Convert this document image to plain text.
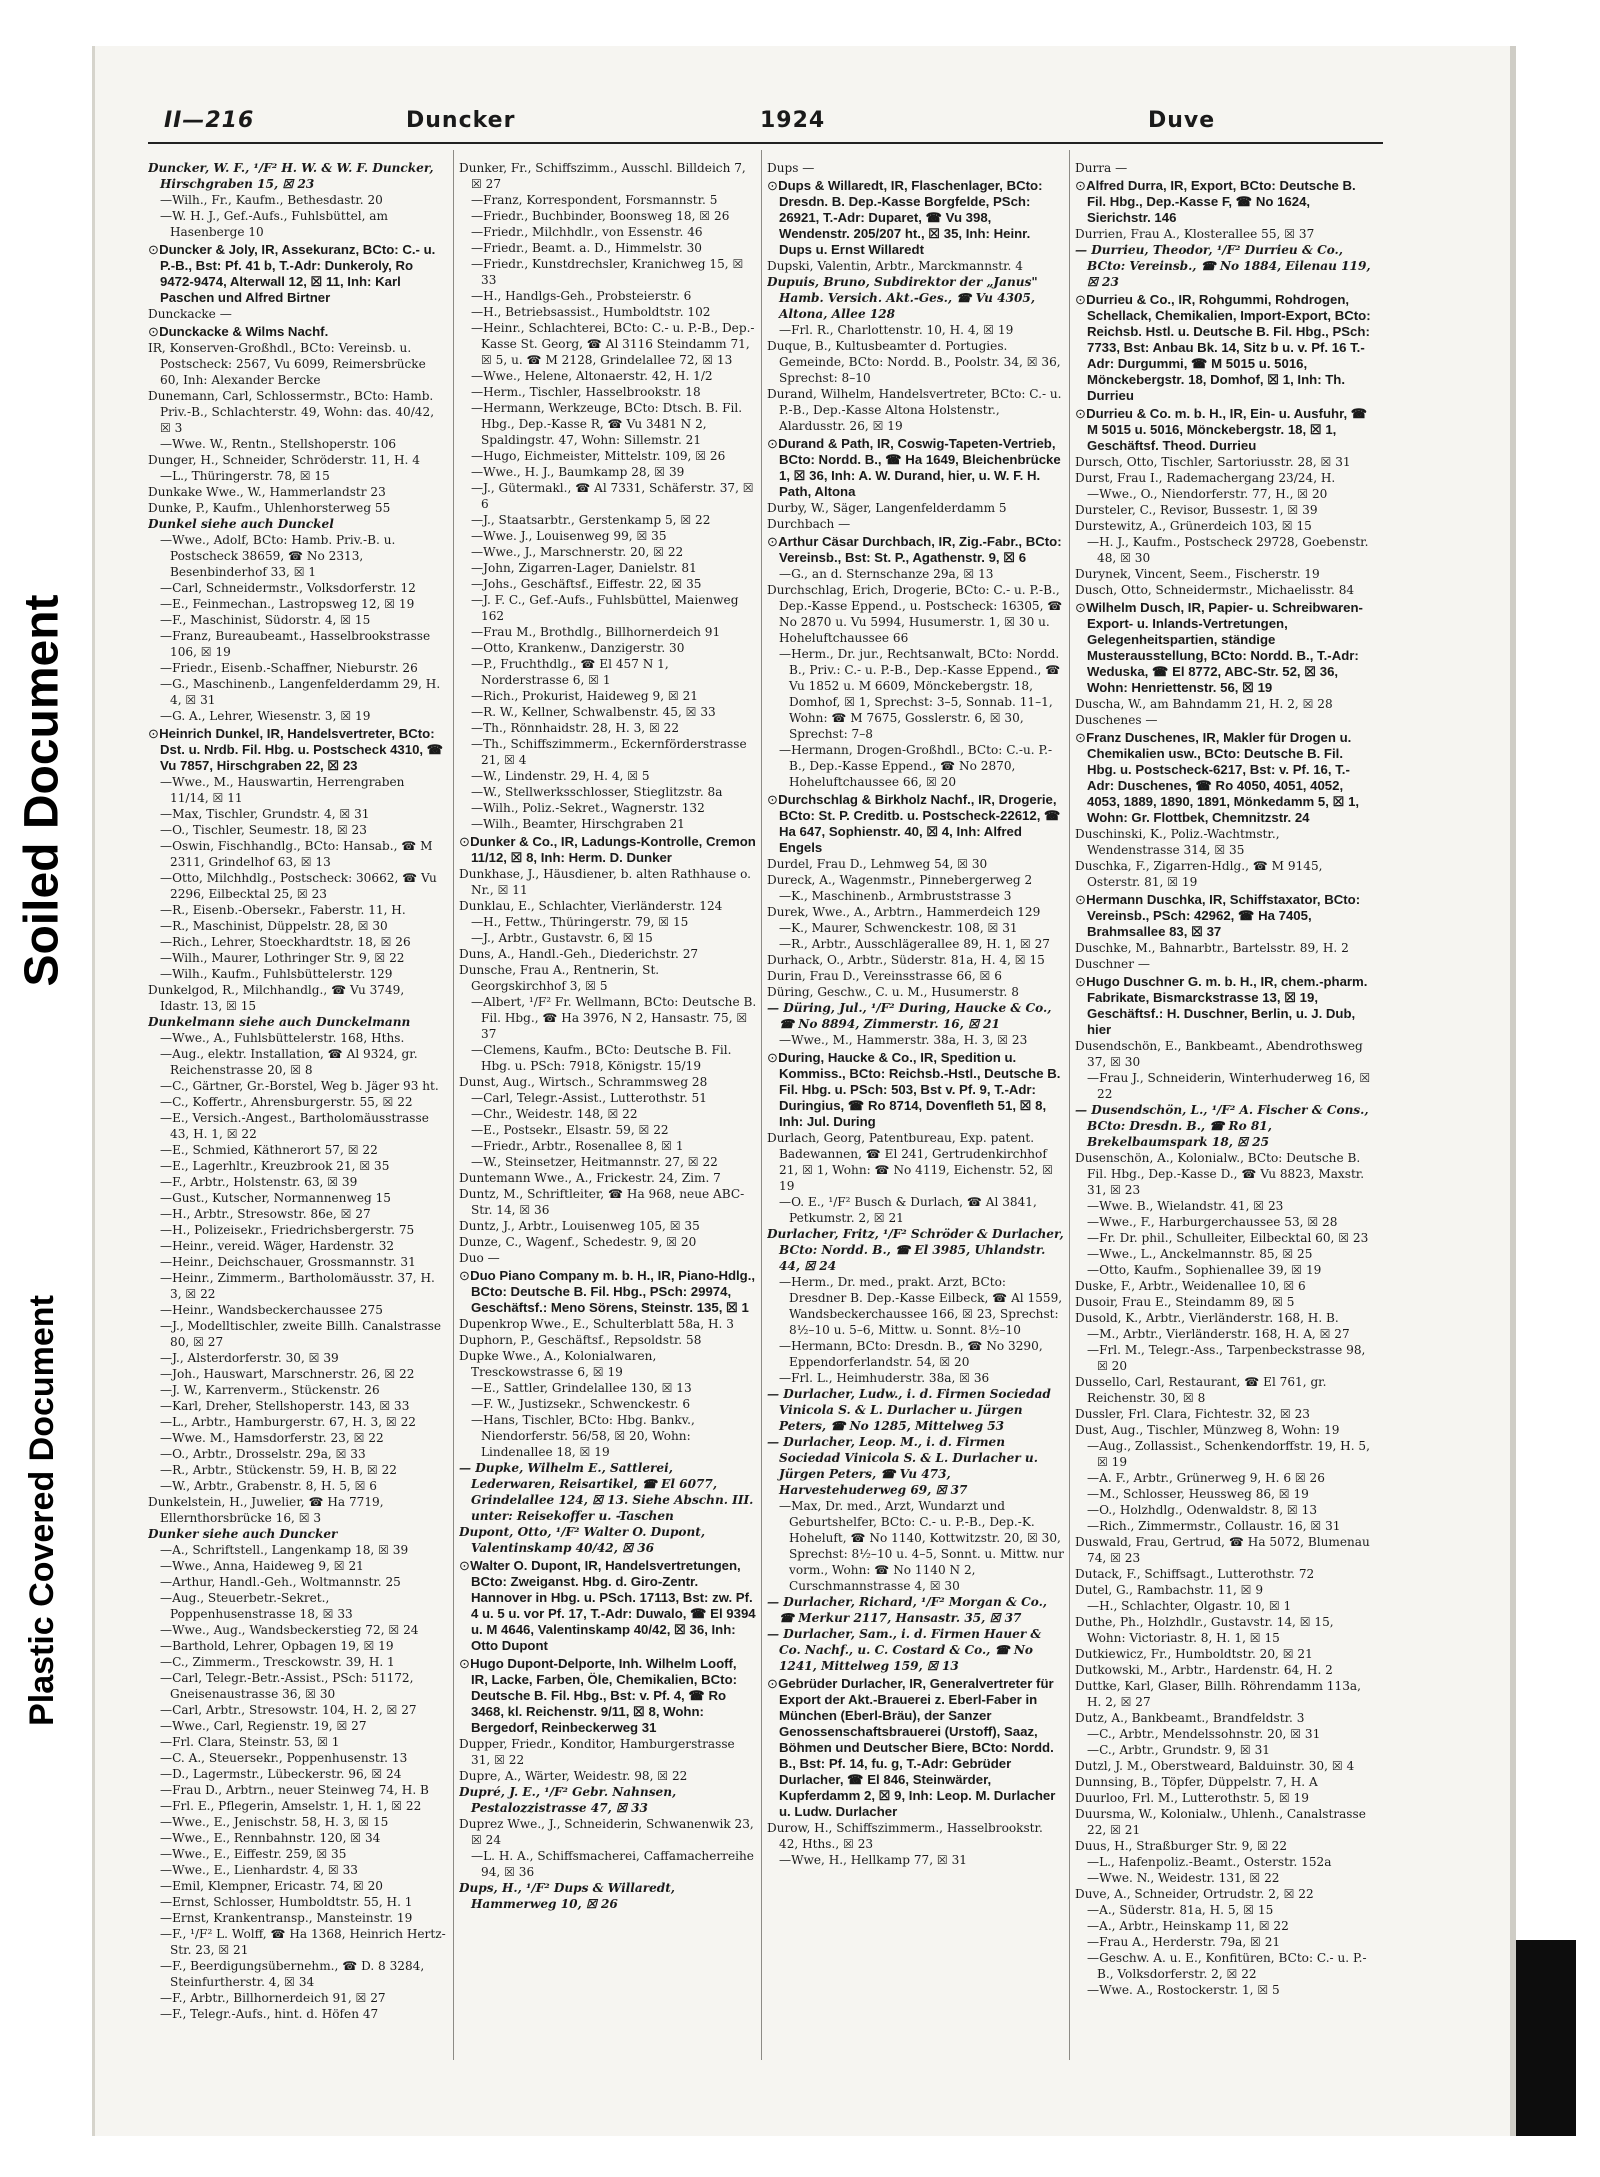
Soiled Document
Plastic Covered Document
II—216	Duncker	1924	Duve

Duncker, W. F., ¹/F² H. W. & W. F. Duncker, Hirschgraben 15, ☒ 23

— Wilh., Fr., Kaufm., Bethesdastr. 20

— W. H. J., Gef.-Aufs., Fuhlsbüttel, am Hasenberge 10

⊙ Duncker & Joly, IR, Assekuranz, BCto: C.- u. P.-B., Bst: Pf. 41 b, T.-Adr: Dunkeroly, Ro 9472-9474, Alterwall 12, ☒ 11, Inh: Karl Paschen und Alfred Birtner

Dunckacke —

⊙ Dunckacke & Wilms Nachf.

IR, Konserven-Großhdl., BCto: Vereinsb. u. Postscheck: 2567, Vu 6099, Reimersbrücke 60, Inh: Alexander Bercke

Dunemann, Carl, Schlossermstr., BCto: Hamb. Priv.-B., Schlachterstr. 49, Wohn: das. 40/42, ☒ 3

— Wwe. W., Rentn., Stellshoperstr. 106

Dunger, H., Schneider, Schröderstr. 11, H. 4

— L., Thüringerstr. 78, ☒ 15

Dunkake Wwe., W., Hammerlandstr 23

Dunke, P., Kaufm., Uhlenhorsterweg 55

Dunkel siehe auch Dunckel

— Wwe., Adolf, BCto: Hamb. Priv.-B. u. Postscheck 38659, ☎ No 2313, Besenbinderhof 33, ☒ 1

— Carl, Schneidermstr., Volksdorferstr. 12

— E., Feinmechan., Lastropsweg 12, ☒ 19

— F., Maschinist, Südorstr. 4, ☒ 15

— Franz, Bureaubeamt., Hasselbrookstrasse 106, ☒ 19

— Friedr., Eisenb.-Schaffner, Nieburstr. 26

— G., Maschinenb., Langenfelderdamm 29, H. 4, ☒ 31

— G. A., Lehrer, Wiesenstr. 3, ☒ 19

⊙ Heinrich Dunkel, IR, Handelsvertreter, BCto: Dst. u. Nrdb. Fil. Hbg. u. Postscheck 4310, ☎ Vu 7857, Hirschgraben 22, ☒ 23

— Wwe., M., Hauswartin, Herrengraben 11/14, ☒ 11

— Max, Tischler, Grundstr. 4, ☒ 31

— O., Tischler, Seumestr. 18, ☒ 23

— Oswin, Fischhandlg., BCto: Hansab., ☎ M 2311, Grindelhof 63, ☒ 13

— Otto, Milchhdlg., Postscheck: 30662, ☎ Vu 2296, Eilbecktal 25, ☒ 23

— R., Eisenb.-Obersekr., Faberstr. 11, H.

— R., Maschinist, Düppelstr. 28, ☒ 30

— Rich., Lehrer, Stoeckhardtstr. 18, ☒ 26

— Wilh., Maurer, Lothringer Str. 9, ☒ 22

— Wilh., Kaufm., Fuhlsbüttelerstr. 129

Dunkelgod, R., Milchhandlg., ☎ Vu 3749, Idastr. 13, ☒ 15

Dunkelmann siehe auch Dunckelmann

— Wwe., A., Fuhlsbüttelerstr. 168, Hths.

— Aug., elektr. Installation, ☎ Al 9324, gr. Reichenstrasse 20, ☒ 8

— C., Gärtner, Gr.-Borstel, Weg b. Jäger 93 ht.

— C., Koffertr., Ahrensburgerstr. 55, ☒ 22

— E., Versich.-Angest., Bartholomäusstrasse 43, H. 1, ☒ 22

— E., Schmied, Käthnerort 57, ☒ 22

— E., Lagerhltr., Kreuzbrook 21, ☒ 35

— F., Arbtr., Holstenstr. 63, ☒ 39

— Gust., Kutscher, Normannenweg 15

— H., Arbtr., Stresowstr. 86e, ☒ 27

— H., Polizeisekr., Friedrichsbergerstr. 75

— Heinr., vereid. Wäger, Hardenstr. 32

— Heinr., Deichschauer, Grossmannstr. 31

— Heinr., Zimmerm., Bartholomäusstr. 37, H. 3, ☒ 22

— Heinr., Wandsbeckerchaussee 275

— J., Modelltischler, zweite Billh. Canalstrasse 80, ☒ 27

— J., Alsterdorferstr. 30, ☒ 39

— Joh., Hauswart, Marschnerstr. 26, ☒ 22

— J. W., Karrenverm., Stückenstr. 26

— Karl, Dreher, Stellshoperstr. 143, ☒ 33

— L., Arbtr., Hamburgerstr. 67, H. 3, ☒ 22

— Wwe. M., Hamsdorferstr. 23, ☒ 22

— O., Arbtr., Drosselstr. 29a, ☒ 33

— R., Arbtr., Stückenstr. 59, H. B, ☒ 22

— W., Arbtr., Grabenstr. 8, H. 5, ☒ 6

Dunkelstein, H., Juwelier, ☎ Ha 7719, Ellernthorsbrücke 16, ☒ 3

Dunker siehe auch Duncker

— A., Schriftstell., Langenkamp 18, ☒ 39

— Wwe., Anna, Haideweg 9, ☒ 21

— Arthur, Handl.-Geh., Woltmannstr. 25

— Aug., Steuerbetr.-Sekret., Poppenhusenstrasse 18, ☒ 33

— Wwe., Aug., Wandsbeckerstieg 72, ☒ 24

— Barthold, Lehrer, Opbagen 19, ☒ 19

— C., Zimmerm., Tresckowstr. 39, H. 1

— Carl, Telegr.-Betr.-Assist., PSch: 51172, Gneisenaustrasse 36, ☒ 30

— Carl, Arbtr., Stresowstr. 104, H. 2, ☒ 27

— Wwe., Carl, Regienstr. 19, ☒ 27

— Frl. Clara, Steinstr. 53, ☒ 1

— C. A., Steuersekr., Poppenhusenstr. 13

— D., Lagermstr., Lübeckerstr. 96, ☒ 24

— Frau D., Arbtrn., neuer Steinweg 74, H. B

— Frl. E., Pflegerin, Amselstr. 1, H. 1, ☒ 22

— Wwe., E., Jenischstr. 58, H. 3, ☒ 15

— Wwe., E., Rennbahnstr. 120, ☒ 34

— Wwe., E., Eiffestr. 259, ☒ 35

— Wwe., E., Lienhardstr. 4, ☒ 33

— Emil, Klempner, Ericastr. 74, ☒ 20

— Ernst, Schlosser, Humboldtstr. 55, H. 1

— Ernst, Krankentransp., Mansteinstr. 19

— F., ¹/F² L. Wolff, ☎ Ha 1368, Heinrich Hertz-Str. 23, ☒ 21

— F., Beerdigungsübernehm., ☎ D. 8 3284, Steinfurtherstr. 4, ☒ 34

— F., Arbtr., Billhornerdeich 91, ☒ 27

— F., Telegr.-Aufs., hint. d. Höfen 47

Dunker, Fr., Schiffszimm., Ausschl. Billdeich 7, ☒ 27

— Franz, Korrespondent, Forsmannstr. 5

— Friedr., Buchbinder, Boonsweg 18, ☒ 26

— Friedr., Milchhdlr., von Essenstr. 46

— Friedr., Beamt. a. D., Himmelstr. 30

— Friedr., Kunstdrechsler, Kranichweg 15, ☒ 33

— H., Handlgs-Geh., Probsteierstr. 6

— H., Betriebsassist., Humboldtstr. 102

— Heinr., Schlachterei, BCto: C.- u. P.-B., Dep.-Kasse St. Georg, ☎ Al 3116 Steindamm 71, ☒ 5, u. ☎ M 2128, Grindelallee 72, ☒ 13

— Wwe., Helene, Altonaerstr. 42, H. 1/2

— Herm., Tischler, Hasselbrookstr. 18

— Hermann, Werkzeuge, BCto: Dtsch. B. Fil. Hbg., Dep.-Kasse R, ☎ Vu 3481 N 2, Spaldingstr. 47, Wohn: Sillemstr. 21

— Hugo, Eichmeister, Mittelstr. 109, ☒ 26

— Wwe., H. J., Baumkamp 28, ☒ 39

— J., Gütermakl., ☎ Al 7331, Schäferstr. 37, ☒ 6

— J., Staatsarbtr., Gerstenkamp 5, ☒ 22

— Wwe. J., Louisenweg 99, ☒ 35

— Wwe., J., Marschnerstr. 20, ☒ 22

— John, Zigarren-Lager, Danielstr. 81

— Johs., Geschäftsf., Eiffestr. 22, ☒ 35

— J. F. C., Gef.-Aufs., Fuhlsbüttel, Maienweg 162

— Frau M., Brothdlg., Billhornerdeich 91

— Otto, Krankenw., Danzigerstr. 30

— P., Fruchthdlg., ☎ El 457 N 1, Norderstrasse 6, ☒ 1

— Rich., Prokurist, Haideweg 9, ☒ 21

— R. W., Kellner, Schwalbenstr. 45, ☒ 33

— Th., Rönnhaidstr. 28, H. 3, ☒ 22

— Th., Schiffszimmerm., Eckernförderstrasse 21, ☒ 4

— W., Lindenstr. 29, H. 4, ☒ 5

— W., Stellwerksschlosser, Stieglitzstr. 8a

— Wilh., Poliz.-Sekret., Wagnerstr. 132

— Wilh., Beamter, Hirschgraben 21

⊙ Dunker & Co., IR, Ladungs-Kontrolle, Cremon 11/12, ☒ 8, Inh: Herm. D. Dunker

Dunkhase, J., Häusdiener, b. alten Rathhause o. Nr., ☒ 11

Dunklau, E., Schlachter, Vierländerstr. 124

— H., Fettw., Thüringerstr. 79, ☒ 15

— J., Arbtr., Gustavstr. 6, ☒ 15

Duns, A., Handl.-Geh., Diederichstr. 27

Dunsche, Frau A., Rentnerin, St. Georgskirchhof 3, ☒ 5

— Albert, ¹/F² Fr. Wellmann, BCto: Deutsche B. Fil. Hbg., ☎ Ha 3976, N 2, Hansastr. 75, ☒ 37

— Clemens, Kaufm., BCto: Deutsche B. Fil. Hbg. u. PSch: 7918, Königstr. 15/19

Dunst, Aug., Wirtsch., Schrammsweg 28

— Carl, Telegr.-Assist., Lutterothstr. 51

— Chr., Weidestr. 148, ☒ 22

— E., Postsekr., Elsastr. 59, ☒ 22

— Friedr., Arbtr., Rosenallee 8, ☒ 1

— W., Steinsetzer, Heitmannstr. 27, ☒ 22

Duntemann Wwe., A., Frickestr. 24, Zim. 7

Duntz, M., Schriftleiter, ☎ Ha 968, neue ABC-Str. 14, ☒ 36

Duntz, J., Arbtr., Louisenweg 105, ☒ 35

Dunze, C., Wagenf., Schedestr. 9, ☒ 20

Duo —

⊙ Duo Piano Company m. b. H., IR, Piano-Hdlg., BCto: Deutsche B. Fil. Hbg., PSch: 29974, Geschäftsf.: Meno Sörens, Steinstr. 135, ☒ 1

Dupenkrop Wwe., E., Schulterblatt 58a, H. 3

Duphorn, P., Geschäftsf., Repsoldstr. 58

Dupke Wwe., A., Kolonialwaren, Tresckowstrasse 6, ☒ 19

— E., Sattler, Grindelallee 130, ☒ 13

— F. W., Justizsekr., Schwenckestr. 6

— Hans, Tischler, BCto: Hbg. Bankv., Niendorferstr. 56/58, ☒ 20, Wohn: Lindenallee 18, ☒ 19

— Dupke, Wilhelm E., Sattlerei, Lederwaren, Reisartikel, ☎ El 6077, Grindelallee 124, ☒ 13. Siehe Abschn. III. unter: Reisekoffer u. -Taschen

Dupont, Otto, ¹/F² Walter O. Dupont, Valentinskamp 40/42, ☒ 36

⊙ Walter O. Dupont, IR, Handelsvertretungen, BCto: Zweiganst. Hbg. d. Giro-Zentr. Hannover in Hbg. u. PSch. 17113, Bst: zw. Pf. 4 u. 5 u. vor Pf. 17, T.-Adr: Duwalo, ☎ El 9394 u. M 4646, Valentinskamp 40/42, ☒ 36, Inh: Otto Dupont

⊙ Hugo Dupont-Delporte, Inh. Wilhelm Looff, IR, Lacke, Farben, Öle, Chemikalien, BCto: Deutsche B. Fil. Hbg., Bst: v. Pf. 4, ☎ Ro 3468, kl. Reichenstr. 9/11, ☒ 8, Wohn: Bergedorf, Reinbeckerweg 31

Dupper, Friedr., Konditor, Hamburgerstrasse 31, ☒ 22

Dupre, A., Wärter, Weidestr. 98, ☒ 22

Dupré, J. E., ¹/F² Gebr. Nahnsen, Pestalozzistrasse 47, ☒ 33

Duprez Wwe., J., Schneiderin, Schwanenwik 23, ☒ 24

— L. H. A., Schiffsmacherei, Caffamacherreihe 94, ☒ 36

Dups, H., ¹/F² Dups & Willaredt, Hammerweg 10, ☒ 26

Dups —

⊙ Dups & Willaredt, IR, Flaschenlager, BCto: Dresdn. B. Dep.-Kasse Borgfelde, PSch: 26921, T.-Adr: Duparet, ☎ Vu 398, Wendenstr. 205/207 ht., ☒ 35, Inh: Heinr. Dups u. Ernst Willaredt

Dupski, Valentin, Arbtr., Marckmannstr. 4

Dupuis, Bruno, Subdirektor der „Janus" Hamb. Versich. Akt.-Ges., ☎ Vu 4305, Altona, Allee 128

— Frl. R., Charlottenstr. 10, H. 4, ☒ 19

Duque, B., Kultusbeamter d. Portugies. Gemeinde, BCto: Nordd. B., Poolstr. 34, ☒ 36, Sprechst: 8–10

Durand, Wilhelm, Handelsvertreter, BCto: C.- u. P.-B., Dep.-Kasse Altona Holstenstr., Alardusstr. 26, ☒ 19

⊙ Durand & Path, IR, Coswig-Tapeten-Vertrieb, BCto: Nordd. B., ☎ Ha 1649, Bleichenbrücke 1, ☒ 36, Inh: A. W. Durand, hier, u. W. F. H. Path, Altona

Durby, W., Säger, Langenfelderdamm 5

Durchbach —

⊙ Arthur Cäsar Durchbach, IR, Zig.-Fabr., BCto: Vereinsb., Bst: St. P., Agathenstr. 9, ☒ 6

— G., an d. Sternschanze 29a, ☒ 13

Durchschlag, Erich, Drogerie, BCto: C.- u. P.-B., Dep.-Kasse Eppend., u. Postscheck: 16305, ☎ No 2870 u. Vu 5994, Husumerstr. 1, ☒ 30 u. Hoheluftchaussee 66

— Herm., Dr. jur., Rechtsanwalt, BCto: Nordd. B., Priv.: C.- u. P.-B., Dep.-Kasse Eppend., ☎ Vu 1852 u. M 6609, Mönckebergstr. 18, Domhof, ☒ 1, Sprechst: 3–5, Sonnab. 11–1, Wohn: ☎ M 7675, Gosslerstr. 6, ☒ 30, Sprechst: 7–8

— Hermann, Drogen-Großhdl., BCto: C.-u. P.-B., Dep.-Kasse Eppend., ☎ No 2870, Hoheluftchaussee 66, ☒ 20

⊙ Durchschlag & Birkholz Nachf., IR, Drogerie, BCto: St. P. Creditb. u. Postscheck-22612, ☎ Ha 647, Sophienstr. 40, ☒ 4, Inh: Alfred Engels

Durdel, Frau D., Lehmweg 54, ☒ 30

Dureck, A., Wagenmstr., Pinnebergerweg 2

— K., Maschinenb., Armbruststrasse 3

Durek, Wwe., A., Arbtrn., Hammerdeich 129

— K., Maurer, Schwenckestr. 108, ☒ 31

— R., Arbtr., Ausschlägerallee 89, H. 1, ☒ 27

Durhack, O., Arbtr., Süderstr. 81a, H. 4, ☒ 15

Durin, Frau D., Vereinsstrasse 66, ☒ 6

Düring, Geschw., C. u. M., Husumerstr. 8

— Düring, Jul., ¹/F² During, Haucke & Co., ☎ No 8894, Zimmerstr. 16, ☒ 21

— Wwe., M., Hammerstr. 38a, H. 3, ☒ 23

⊙ During, Haucke & Co., IR, Spedition u. Kommiss., BCto: Reichsb.-Hstl., Deutsche B. Fil. Hbg. u. PSch: 503, Bst v. Pf. 9, T.-Adr: Duringius, ☎ Ro 8714, Dovenfleth 51, ☒ 8, Inh: Jul. During

Durlach, Georg, Patentbureau, Exp. patent. Badewannen, ☎ El 241, Gertrudenkirchhof 21, ☒ 1, Wohn: ☎ No 4119, Eichenstr. 52, ☒ 19

— O. E., ¹/F² Busch & Durlach, ☎ Al 3841, Petkumstr. 2, ☒ 21

Durlacher, Fritz, ¹/F² Schröder & Durlacher, BCto: Nordd. B., ☎ El 3985, Uhlandstr. 44, ☒ 24

— Herm., Dr. med., prakt. Arzt, BCto: Dresdner B. Dep.-Kasse Eilbeck, ☎ Al 1559, Wandsbeckerchaussee 166, ☒ 23, Sprechst: 8½–10 u. 5–6, Mittw. u. Sonnt. 8½–10

— Hermann, BCto: Dresdn. B., ☎ No 3290, Eppendorferlandstr. 54, ☒ 20

— Frl. L., Heimhuderstr. 38a, ☒ 36

— Durlacher, Ludw., i. d. Firmen Sociedad Vinicola S. & L. Durlacher u. Jürgen Peters, ☎ No 1285, Mittelweg 53

— Durlacher, Leop. M., i. d. Firmen Sociedad Vinicola S. & L. Durlacher u. Jürgen Peters, ☎ Vu 473, Harvestehuderweg 69, ☒ 37

— Max, Dr. med., Arzt, Wundarzt und Geburtshelfer, BCto: C.- u. P.-B., Dep.-K. Hoheluft, ☎ No 1140, Kottwitzstr. 20, ☒ 30, Sprechst: 8½–10 u. 4–5, Sonnt. u. Mittw. nur vorm., Wohn: ☎ No 1140 N 2, Curschmannstrasse 4, ☒ 30

— Durlacher, Richard, ¹/F² Morgan & Co., ☎ Merkur 2117, Hansastr. 35, ☒ 37

— Durlacher, Sam., i. d. Firmen Hauer & Co. Nachf., u. C. Costard & Co., ☎ No 1241, Mittelweg 159, ☒ 13

⊙ Gebrüder Durlacher, IR, Generalvertreter für Export der Akt.-Brauerei z. Eberl-Faber in München (Eberl-Bräu), der Sanzer Genossenschaftsbrauerei (Urstoff), Saaz, Böhmen und Deutscher Biere, BCto: Nordd. B., Bst: Pf. 14, fu. g, T.-Adr: Gebrüder Durlacher, ☎ El 846, Steinwärder, Kupferdamm 2, ☒ 9, Inh: Leop. M. Durlacher u. Ludw. Durlacher

Durow, H., Schiffszimmerm., Hasselbrookstr. 42, Hths., ☒ 23

— Wwe, H., Hellkamp 77, ☒ 31

Durra —

⊙ Alfred Durra, IR, Export, BCto: Deutsche B. Fil. Hbg., Dep.-Kasse F, ☎ No 1624, Sierichstr. 146

Durrien, Frau A., Klosterallee 55, ☒ 37

— Durrieu, Theodor, ¹/F² Durrieu & Co., BCto: Vereinsb., ☎ No 1884, Eilenau 119, ☒ 23

⊙ Durrieu & Co., IR, Rohgummi, Rohdrogen, Schellack, Chemikalien, Import-Export, BCto: Reichsb. Hstl. u. Deutsche B. Fil. Hbg., PSch: 7733, Bst: Anbau Bk. 14, Sitz b u. v. Pf. 16 T.-Adr: Durgummi, ☎ M 5015 u. 5016, Mönckebergstr. 18, Domhof, ☒ 1, Inh: Th. Durrieu

⊙ Durrieu & Co. m. b. H., IR, Ein- u. Ausfuhr, ☎ M 5015 u. 5016, Mönckebergstr. 18, ☒ 1, Geschäftsf. Theod. Durrieu

Dursch, Otto, Tischler, Sartoriusstr. 28, ☒ 31

Durst, Frau I., Rademachergang 23/24, H.

— Wwe., O., Niendorferstr. 77, H., ☒ 20

Dursteler, C., Revisor, Bussestr. 1, ☒ 39

Durstewitz, A., Grünerdeich 103, ☒ 15

— H. J., Kaufm., Postscheck 29728, Goebenstr. 48, ☒ 30

Durynek, Vincent, Seem., Fischerstr. 19

Dusch, Otto, Schneidermstr., Michaelisstr. 84

⊙ Wilhelm Dusch, IR, Papier- u. Schreibwaren-Export- u. Inlands-Vertretungen, Gelegenheitspartien, ständige Musterausstellung, BCto: Nordd. B., T.-Adr: Weduska, ☎ El 8772, ABC-Str. 52, ☒ 36, Wohn: Henriettenstr. 56, ☒ 19

Duscha, W., am Bahndamm 21, H. 2, ☒ 28

Duschenes —

⊙ Franz Duschenes, IR, Makler für Drogen u. Chemikalien usw., BCto: Deutsche B. Fil. Hbg. u. Postscheck-6217, Bst: v. Pf. 16, T.-Adr: Duschenes, ☎ Ro 4050, 4051, 4052, 4053, 1889, 1890, 1891, Mönkedamm 5, ☒ 1, Wohn: Gr. Flottbek, Chemnitzstr. 24

Duschinski, K., Poliz.-Wachtmstr., Wendenstrasse 314, ☒ 35

Duschka, F., Zigarren-Hdlg., ☎ M 9145, Osterstr. 81, ☒ 19

⊙ Hermann Duschka, IR, Schiffstaxator, BCto: Vereinsb., PSch: 42962, ☎ Ha 7405, Brahmsallee 83, ☒ 37

Duschke, M., Bahnarbtr., Bartelsstr. 89, H. 2

Duschner —

⊙ Hugo Duschner G. m. b. H., IR, chem.-pharm. Fabrikate, Bismarckstrasse 13, ☒ 19, Geschäftsf.: H. Duschner, Berlin, u. J. Dub, hier

Dusendschön, E., Bankbeamt., Abendrothsweg 37, ☒ 30

— Frau J., Schneiderin, Winterhuderweg 16, ☒ 22

— Dusendschön, L., ¹/F² A. Fischer & Cons., BCto: Dresdn. B., ☎ Ro 81, Brekelbaumspark 18, ☒ 25

Dusenschön, A., Kolonialw., BCto: Deutsche B. Fil. Hbg., Dep.-Kasse D., ☎ Vu 8823, Maxstr. 31, ☒ 23

— Wwe. B., Wielandstr. 41, ☒ 23

— Wwe., F., Harburgerchaussee 53, ☒ 28

— Fr. Dr. phil., Schulleiter, Eilbecktal 60, ☒ 23

— Wwe., L., Anckelmannstr. 85, ☒ 25

— Otto, Kaufm., Sophienallee 39, ☒ 19

Duske, F., Arbtr., Weidenallee 10, ☒ 6

Dusoir, Frau E., Steindamm 89, ☒ 5

Dusold, K., Arbtr., Vierländerstr. 168, H. B.

— M., Arbtr., Vierländerstr. 168, H. A, ☒ 27

— Frl. M., Telegr.-Ass., Tarpenbeckstrasse 98, ☒ 20

Dussello, Carl, Restaurant, ☎ El 761, gr. Reichenstr. 30, ☒ 8

Dussler, Frl. Clara, Fichtestr. 32, ☒ 23

Dust, Aug., Tischler, Münzweg 8, Wohn: 19

— Aug., Zollassist., Schenkendorffstr. 19, H. 5, ☒ 19

— A. F., Arbtr., Grünerweg 9, H. 6 ☒ 26

— M., Schlosser, Heussweg 86, ☒ 19

— O., Holzhdlg., Odenwaldstr. 8, ☒ 13

— Rich., Zimmermstr., Collaustr. 16, ☒ 31

Duswald, Frau, Gertrud, ☎ Ha 5072, Blumenau 74, ☒ 23

Dutack, F., Schiffsagt., Lutterothstr. 72

Dutel, G., Rambachstr. 11, ☒ 9

— H., Schlachter, Olgastr. 10, ☒ 1

Duthe, Ph., Holzhdlr., Gustavstr. 14, ☒ 15, Wohn: Victoriastr. 8, H. 1, ☒ 15

Dutkiewicz, Fr., Humboldtstr. 20, ☒ 21

Dutkowski, M., Arbtr., Hardenstr. 64, H. 2

Duttke, Karl, Glaser, Billh. Röhrendamm 113a, H. 2, ☒ 27

Dutz, A., Bankbeamt., Brandfeldstr. 3

— C., Arbtr., Mendelssohnstr. 20, ☒ 31

— C., Arbtr., Grundstr. 9, ☒ 31

Dutzl, J. M., Oberstweard, Balduinstr. 30, ☒ 4

Dunnsing, B., Töpfer, Düppelstr. 7, H. A

Duurloo, Frl. M., Lutterothstr. 5, ☒ 19

Duursma, W., Kolonialw., Uhlenh., Canalstrasse 22, ☒ 21

Duus, H., Straßburger Str. 9, ☒ 22

— L., Hafenpoliz.-Beamt., Osterstr. 152a

— Wwe. N., Weidestr. 131, ☒ 22

Duve, A., Schneider, Ortrudstr. 2, ☒ 22

— A., Süderstr. 81a, H. 5, ☒ 15

— A., Arbtr., Heinskamp 11, ☒ 22

— Frau A., Herderstr. 79a, ☒ 21

— Geschw. A. u. E., Konfitüren, BCto: C.- u. P.-B., Volksdorferstr. 2, ☒ 22

— Wwe. A., Rostockerstr. 1, ☒ 5
